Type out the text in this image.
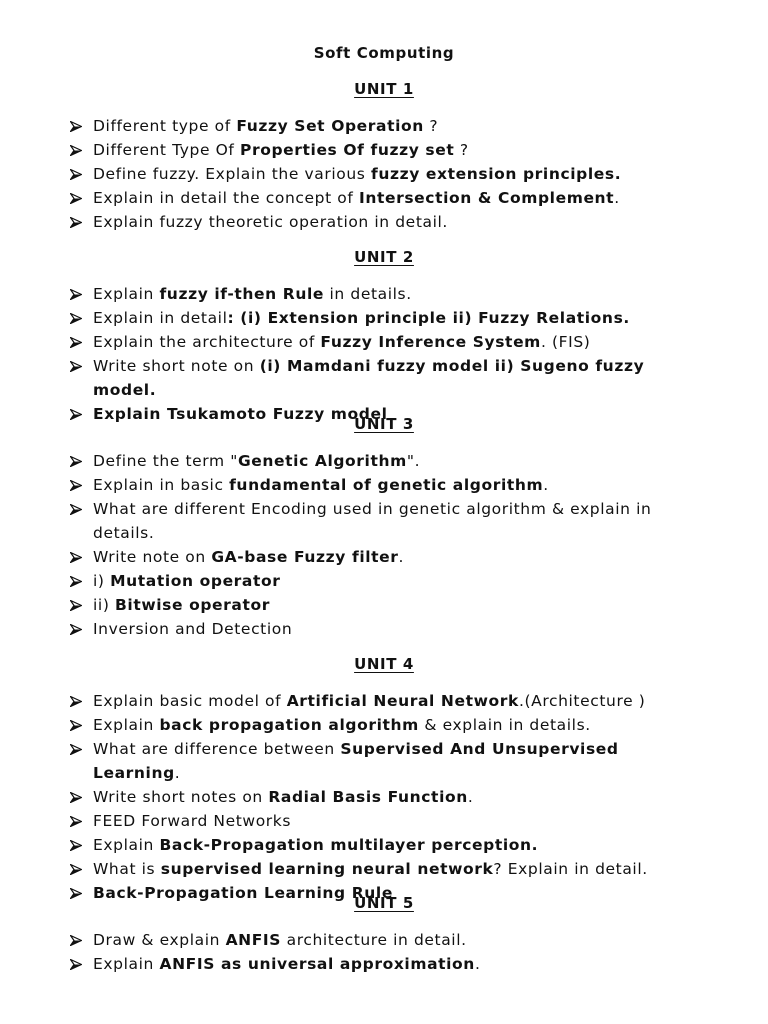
Soft Computing
UNIT 1
Different type of Fuzzy Set Operation ?
Different Type Of Properties Of fuzzy set ?
Define fuzzy. Explain the various fuzzy extension principles.
Explain in detail the concept of Intersection & Complement.
Explain fuzzy theoretic operation in detail.
UNIT 2
Explain fuzzy if-then Rule in details.
Explain in detail: (i) Extension principle ii) Fuzzy Relations.
Explain the architecture of Fuzzy Inference System. (FIS)
Write short note on (i) Mamdani fuzzy model ii) Sugeno fuzzy model.
Explain Tsukamoto Fuzzy model
UNIT 3
Define the term "Genetic Algorithm".
Explain in basic fundamental of genetic algorithm.
What are different Encoding used in genetic algorithm & explain in details.
Write note on GA-base Fuzzy filter.
i) Mutation operator
ii) Bitwise operator
Inversion and Detection
UNIT 4
Explain basic model of Artificial Neural Network.(Architecture )
Explain back propagation algorithm & explain in details.
What are difference between Supervised And Unsupervised Learning.
Write short notes on Radial Basis Function.
FEED Forward Networks
Explain Back-Propagation multilayer perception.
What is supervised learning neural network? Explain in detail.
Back-Propagation Learning Rule
UNIT 5
Draw & explain ANFIS architecture in detail.
Explain ANFIS as universal approximation.
